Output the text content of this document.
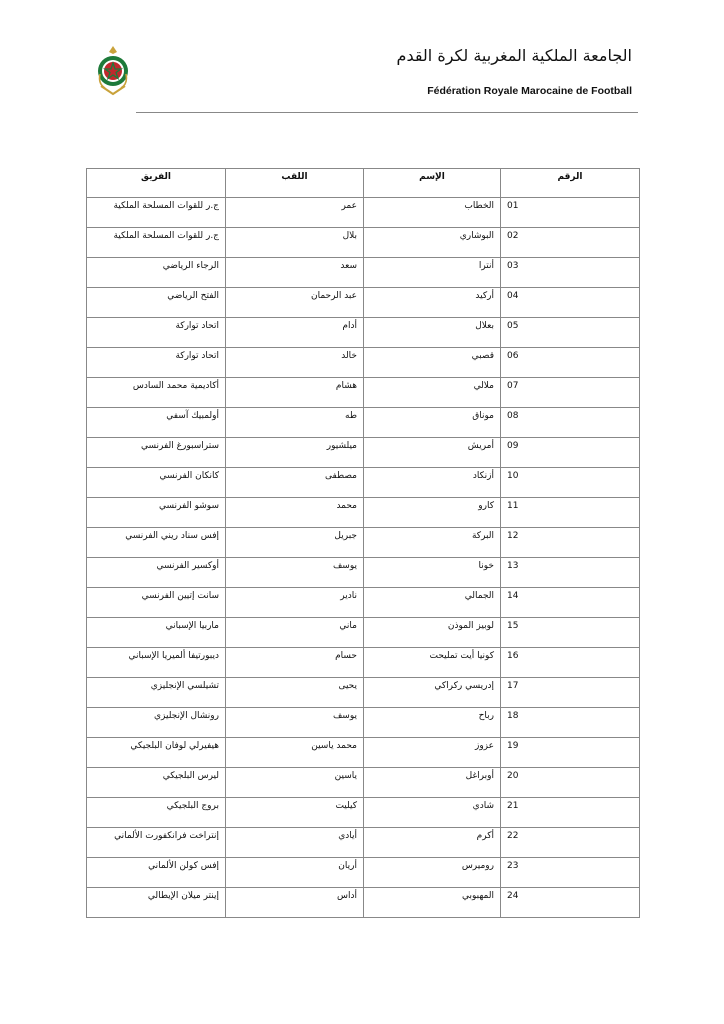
الجامعة الملكية المغربية لكرة القدم
Fédération Royale Marocaine de Football
الرقم	الإسم	اللقب	الفريق
01	الخطاب	عمر	ج.ر للقوات المسلحة الملكية
02	البوشاري	بلال	ج.ر للقوات المسلحة الملكية
03	أنترا	سعد	الرجاء الرياضي
04	أركيد	عبد الرحمان	الفتح الرياضي
05	بعلال	أدام	اتحاد تواركة
06	قصبي	خالد	اتحاد تواركة
07	ملالي	هشام	أكاديمية محمد السادس
08	موناق	طه	أولمبيك آسفي
09	أمريش	ميلشيور	ستراسبورغ الفرنسي
10	أزنكاد	مصطفى	كانكان الفرنسي
11	كارو	محمد	سوشو الفرنسي
12	البركة	جبريل	إفس سناد ريني الفرنسي
13	خونا	يوسف	أوكسير الفرنسي
14	الجمالي	نادير	سانت إتيين الفرنسي
15	لوبيز الموذن	ماني	ماربيا الإسباني
16	كونيا أيت تمليحت	حسام	ديبورتيفا ألميريا الإسباني
17	إدريسي ركراكي	يحيى	تشيلسي الإنجليزي
18	رباح	يوسف	رونشال الإنجليزي
19	عزوز	محمد ياسين	هيفيرلي لوفان البلجيكي
20	أوبراغل	ياسين	ليرس البلجيكي
21	شادي	كيليت	بروج البلجيكي
22	أكرم	أيادي	إنتراخت فرانكفورت الألماني
23	روميرس	أريان	إفس كولن الألماني
24	المهبوبي	أداس	إينتر ميلان الإيطالي
